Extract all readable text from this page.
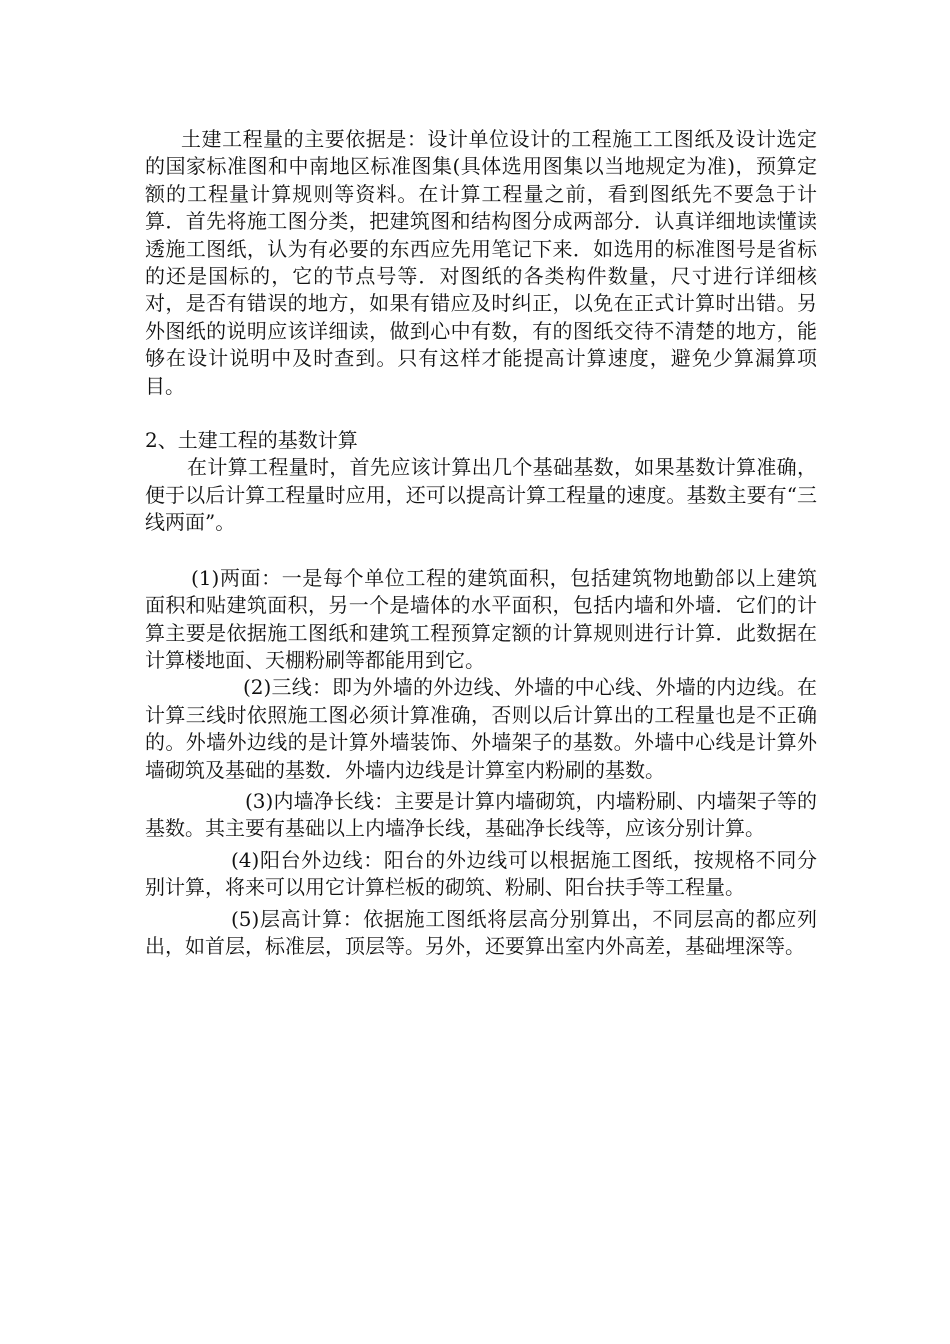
土建工程量的主要依据是：设计单位设计的工程施工工图纸及设计选定的国家标准图和中南地区标准图集(具体选用图集以当地规定为准)，预算定额的工程量计算规则等资料。在计算工程量之前，看到图纸先不要急于计算．首先将施工图分类，把建筑图和结构图分成两部分．认真详细地读懂读透施工图纸，认为有必要的东西应先用笔记下来．如选用的标准图号是省标的还是国标的，它的节点号等．对图纸的各类构件数量，尺寸进行详细核对，是否有错误的地方，如果有错应及时纠正，以免在正式计算时出错。另外图纸的说明应该详细读，做到心中有数，有的图纸交待不清楚的地方，能够在设计说明中及时查到。只有这样才能提高计算速度，避免少算漏算项目。

2、土建工程的基数计算

在计算工程量时，首先应该计算出几个基础基数，如果基数计算准确，便于以后计算工程量时应用，还可以提高计算工程量的速度。基数主要有“三线两面”。

(1)两面：一是每个单位工程的建筑面积，包括建筑物地勤郃以上建筑面积和贴建筑面积，另一个是墙体的水平面积，包括内墙和外墙．它们的计算主要是依据施工图纸和建筑工程预算定额的计算规则进行计算．此数据在计算楼地面、天棚粉刷等都能用到它。

(2)三线：即为外墙的外边线、外墙的中心线、外墙的内边线。在计算三线时依照施工图必须计算准确，否则以后计算出的工程量也是不正确的。外墙外边线的是计算外墙装饰、外墙架子的基数。外墙中心线是计算外墙砌筑及基础的基数．外墙内边线是计算室内粉刷的基数。

(3)内墙净长线：主要是计算内墙砌筑，内墙粉刷、内墙架子等的基数。其主要有基础以上内墙净长线，基础净长线等，应该分别计算。

(4)阳台外边线：阳台的外边线可以根据施工图纸，按规格不同分别计算，将来可以用它计算栏板的砌筑、粉刷、阳台扶手等工程量。

(5)层高计算：依据施工图纸将层高分别算出，不同层高的都应列出，如首层，标准层，顶层等。另外，还要算出室内外高差，基础埋深等。
